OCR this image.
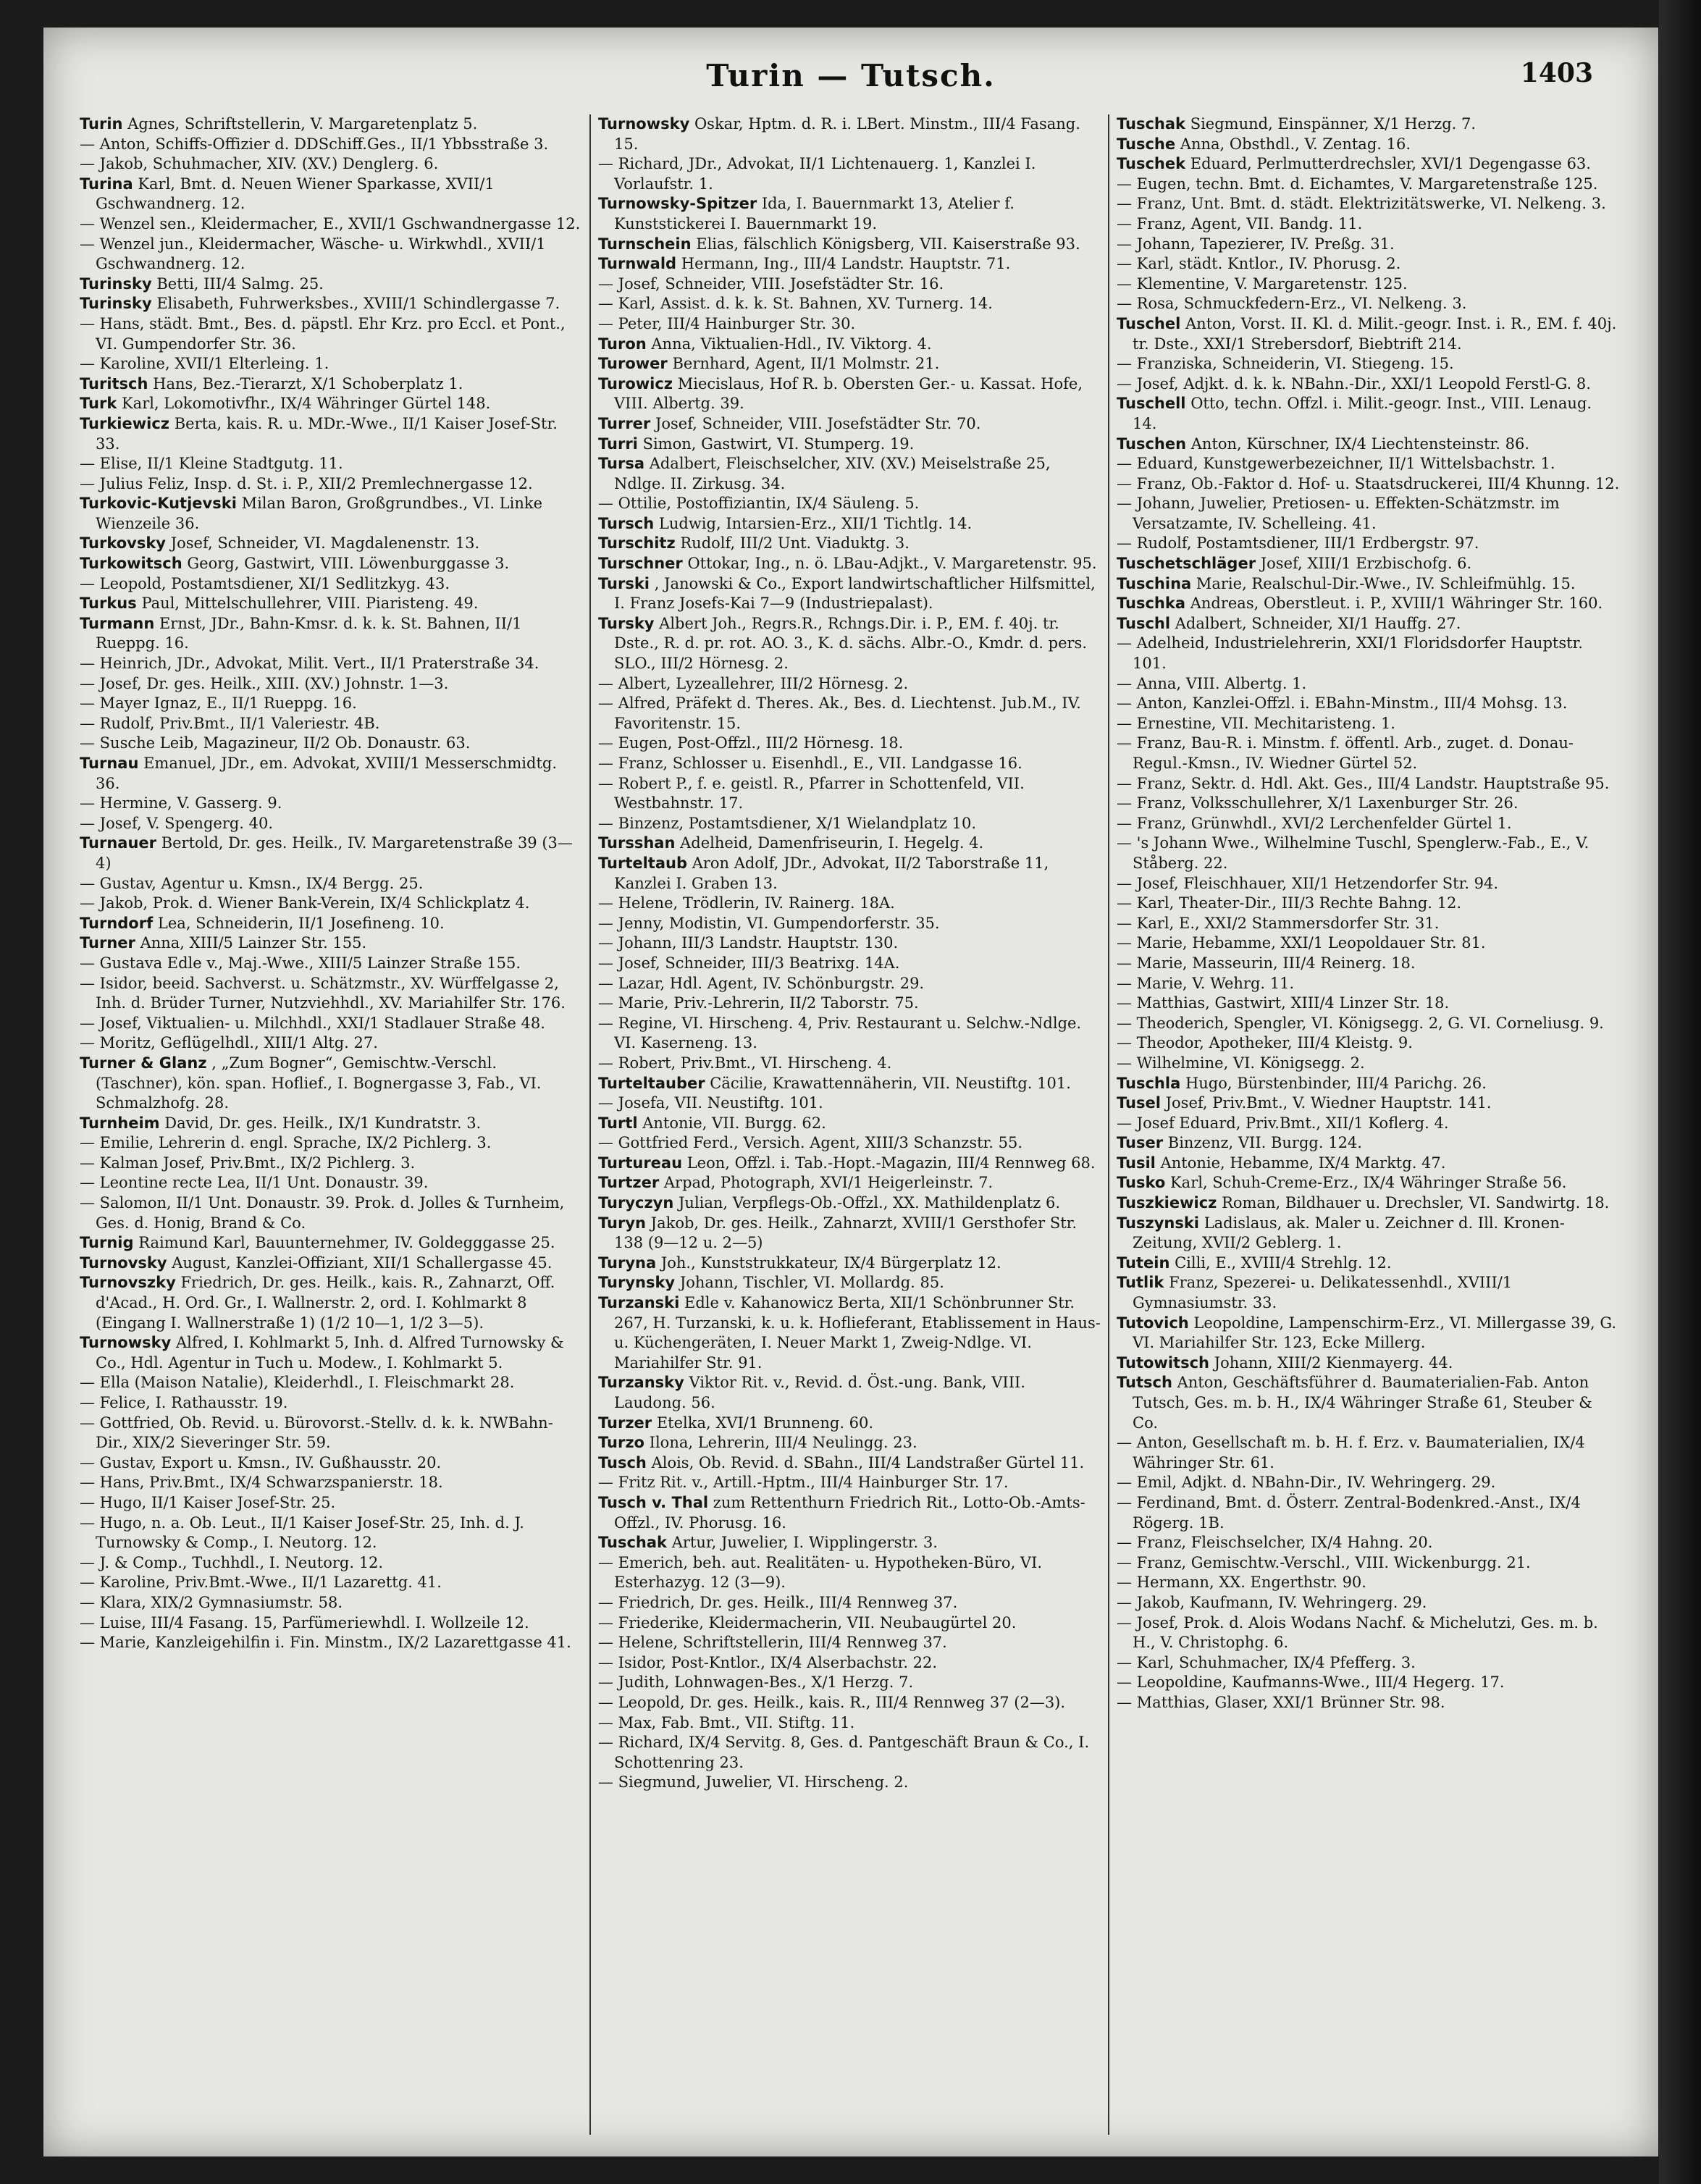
Turin — Tutsch.	1403
Turin Agnes, Schriftstellerin, V. Margaretenplatz 5.
— Anton, Schiffs-Offizier d. DDSchiff.Ges., II/1 Ybbsstraße 3.
— Jakob, Schuhmacher, XIV. (XV.) Denglerg. 6.
Turina Karl, Bmt. d. Neuen Wiener Sparkasse, XVII/1 Gschwandnerg. 12.
— Wenzel sen., Kleidermacher, E., XVII/1 Gschwandnergasse 12.
— Wenzel jun., Kleidermacher, Wäsche- u. Wirkwhdl., XVII/1 Gschwandnerg. 12.
Turinsky Betti, III/4 Salmg. 25.
Turinsky Elisabeth, Fuhrwerksbes., XVIII/1 Schindlergasse 7.
— Hans, städt. Bmt., Bes. d. päpstl. Ehr Krz. pro Eccl. et Pont., VI. Gumpendorfer Str. 36.
— Karoline, XVII/1 Elterleing. 1.
Turitsch Hans, Bez.-Tierarzt, X/1 Schoberplatz 1.
Turk Karl, Lokomotivfhr., IX/4 Währinger Gürtel 148.
Turkiewicz Berta, kais. R. u. MDr.-Wwe., II/1 Kaiser Josef-Str. 33.
— Elise, II/1 Kleine Stadtgutg. 11.
— Julius Feliz, Insp. d. St. i. P., XII/2 Premlechnergasse 12.
Turkovic-Kutjevski Milan Baron, Großgrundbes., VI. Linke Wienzeile 36.
Turkovsky Josef, Schneider, VI. Magdalenenstr. 13.
Turkowitsch Georg, Gastwirt, VIII. Löwenburggasse 3.
— Leopold, Postamtsdiener, XI/1 Sedlitzkyg. 43.
Turkus Paul, Mittelschullehrer, VIII. Piaristeng. 49.
Turmann Ernst, JDr., Bahn-Kmsr. d. k. k. St. Bahnen, II/1 Rueppg. 16.
— Heinrich, JDr., Advokat, Milit. Vert., II/1 Praterstraße 34.
— Josef, Dr. ges. Heilk., XIII. (XV.) Johnstr. 1—3.
— Mayer Ignaz, E., II/1 Rueppg. 16.
— Rudolf, Priv.Bmt., II/1 Valeriestr. 4B.
— Susche Leib, Magazineur, II/2 Ob. Donaustr. 63.
Turnau Emanuel, JDr., em. Advokat, XVIII/1 Messerschmidtg. 36.
— Hermine, V. Gasserg. 9.
— Josef, V. Spengerg. 40.
Turnauer Bertold, Dr. ges. Heilk., IV. Margaretenstraße 39 (3—4)
— Gustav, Agentur u. Kmsn., IX/4 Bergg. 25.
— Jakob, Prok. d. Wiener Bank-Verein, IX/4 Schlickplatz 4.
Turndorf Lea, Schneiderin, II/1 Josefineng. 10.
Turner Anna, XIII/5 Lainzer Str. 155.
— Gustava Edle v., Maj.-Wwe., XIII/5 Lainzer Straße 155.
— Isidor, beeid. Sachverst. u. Schätzmstr., XV. Würffelgasse 2, Inh. d. Brüder Turner, Nutzviehhdl., XV. Mariahilfer Str. 176.
— Josef, Viktualien- u. Milchhdl., XXI/1 Stadlauer Straße 48.
— Moritz, Geflügelhdl., XIII/1 Altg. 27.
Turner & Glanz , „Zum Bogner“, Gemischtw.-Verschl. (Taschner), kön. span. Hoflief., I. Bognergasse 3, Fab., VI. Schmalzhofg. 28.
Turnheim David, Dr. ges. Heilk., IX/1 Kundratstr. 3.
— Emilie, Lehrerin d. engl. Sprache, IX/2 Pichlerg. 3.
— Kalman Josef, Priv.Bmt., IX/2 Pichlerg. 3.
— Leontine recte Lea, II/1 Unt. Donaustr. 39.
— Salomon, II/1 Unt. Donaustr. 39. Prok. d. Jolles & Turnheim, Ges. d. Honig, Brand & Co.
Turnig Raimund Karl, Bauunternehmer, IV. Goldegggasse 25.
Turnovsky August, Kanzlei-Offiziant, XII/1 Schallergasse 45.
Turnovszky Friedrich, Dr. ges. Heilk., kais. R., Zahnarzt, Off. d'Acad., H. Ord. Gr., I. Wallnerstr. 2, ord. I. Kohlmarkt 8 (Eingang I. Wallnerstraße 1) (1/2 10—1, 1/2 3—5).
Turnowsky Alfred, I. Kohlmarkt 5, Inh. d. Alfred Turnowsky & Co., Hdl. Agentur in Tuch u. Modew., I. Kohlmarkt 5.
— Ella (Maison Natalie), Kleiderhdl., I. Fleischmarkt 28.
— Felice, I. Rathausstr. 19.
— Gottfried, Ob. Revid. u. Bürovorst.-Stellv. d. k. k. NWBahn-Dir., XIX/2 Sieveringer Str. 59.
— Gustav, Export u. Kmsn., IV. Gußhausstr. 20.
— Hans, Priv.Bmt., IX/4 Schwarzspanierstr. 18.
— Hugo, II/1 Kaiser Josef-Str. 25.
— Hugo, n. a. Ob. Leut., II/1 Kaiser Josef-Str. 25, Inh. d. J. Turnowsky & Comp., I. Neutorg. 12.
— J. & Comp., Tuchhdl., I. Neutorg. 12.
— Karoline, Priv.Bmt.-Wwe., II/1 Lazarettg. 41.
— Klara, XIX/2 Gymnasiumstr. 58.
— Luise, III/4 Fasang. 15, Parfümeriewhdl. I. Wollzeile 12.
— Marie, Kanzleigehilfin i. Fin. Minstm., IX/2 Lazarettgasse 41.
Turnowsky Oskar, Hptm. d. R. i. LBert. Minstm., III/4 Fasang. 15.
— Richard, JDr., Advokat, II/1 Lichtenauerg. 1, Kanzlei I. Vorlaufstr. 1.
Turnowsky-Spitzer Ida, I. Bauernmarkt 13, Atelier f. Kunststickerei I. Bauernmarkt 19.
Turnschein Elias, fälschlich Königsberg, VII. Kaiserstraße 93.
Turnwald Hermann, Ing., III/4 Landstr. Hauptstr. 71.
— Josef, Schneider, VIII. Josefstädter Str. 16.
— Karl, Assist. d. k. k. St. Bahnen, XV. Turnerg. 14.
— Peter, III/4 Hainburger Str. 30.
Turon Anna, Viktualien-Hdl., IV. Viktorg. 4.
Turower Bernhard, Agent, II/1 Molmstr. 21.
Turowicz Miecislaus, Hof R. b. Obersten Ger.- u. Kassat. Hofe, VIII. Albertg. 39.
Turrer Josef, Schneider, VIII. Josefstädter Str. 70.
Turri Simon, Gastwirt, VI. Stumperg. 19.
Tursa Adalbert, Fleischselcher, XIV. (XV.) Meiselstraße 25, Ndlge. II. Zirkusg. 34.
— Ottilie, Postoffiziantin, IX/4 Säuleng. 5.
Tursch Ludwig, Intarsien-Erz., XII/1 Tichtlg. 14.
Turschitz Rudolf, III/2 Unt. Viaduktg. 3.
Turschner Ottokar, Ing., n. ö. LBau-Adjkt., V. Margaretenstr. 95.
Turski , Janowski & Co., Export landwirtschaftlicher Hilfsmittel, I. Franz Josefs-Kai 7—9 (Industriepalast).
Tursky Albert Joh., Regrs.R., Rchngs.Dir. i. P., EM. f. 40j. tr. Dste., R. d. pr. rot. AO. 3., K. d. sächs. Albr.-O., Kmdr. d. pers. SLO., III/2 Hörnesg. 2.
— Albert, Lyzeallehrer, III/2 Hörnesg. 2.
— Alfred, Präfekt d. Theres. Ak., Bes. d. Liechtenst. Jub.M., IV. Favoritenstr. 15.
— Eugen, Post-Offzl., III/2 Hörnesg. 18.
— Franz, Schlosser u. Eisenhdl., E., VII. Landgasse 16.
— Robert P., f. e. geistl. R., Pfarrer in Schottenfeld, VII. Westbahnstr. 17.
— Binzenz, Postamtsdiener, X/1 Wielandplatz 10.
Tursshan Adelheid, Damenfriseurin, I. Hegelg. 4.
Turteltaub Aron Adolf, JDr., Advokat, II/2 Taborstraße 11, Kanzlei I. Graben 13.
— Helene, Trödlerin, IV. Rainerg. 18A.
— Jenny, Modistin, VI. Gumpendorferstr. 35.
— Johann, III/3 Landstr. Hauptstr. 130.
— Josef, Schneider, III/3 Beatrixg. 14A.
— Lazar, Hdl. Agent, IV. Schönburgstr. 29.
— Marie, Priv.-Lehrerin, II/2 Taborstr. 75.
— Regine, VI. Hirscheng. 4, Priv. Restaurant u. Selchw.-Ndlge. VI. Kaserneng. 13.
— Robert, Priv.Bmt., VI. Hirscheng. 4.
Turteltauber Cäcilie, Krawattennäherin, VII. Neustiftg. 101.
— Josefa, VII. Neustiftg. 101.
Turtl Antonie, VII. Burgg. 62.
— Gottfried Ferd., Versich. Agent, XIII/3 Schanzstr. 55.
Turtureau Leon, Offzl. i. Tab.-Hopt.-Magazin, III/4 Rennweg 68.
Turtzer Arpad, Photograph, XVI/1 Heigerleinstr. 7.
Turyczyn Julian, Verpflegs-Ob.-Offzl., XX. Mathildenplatz 6.
Turyn Jakob, Dr. ges. Heilk., Zahnarzt, XVIII/1 Gersthofer Str. 138 (9—12 u. 2—5)
Turyna Joh., Kunststrukkateur, IX/4 Bürgerplatz 12.
Turynsky Johann, Tischler, VI. Mollardg. 85.
Turzanski Edle v. Kahanowicz Berta, XII/1 Schönbrunner Str. 267, H. Turzanski, k. u. k. Hoflieferant, Etablissement in Haus- u. Küchengeräten, I. Neuer Markt 1, Zweig-Ndlge. VI. Mariahilfer Str. 91.
Turzansky Viktor Rit. v., Revid. d. Öst.-ung. Bank, VIII. Laudong. 56.
Turzer Etelka, XVI/1 Brunneng. 60.
Turzo Ilona, Lehrerin, III/4 Neulingg. 23.
Tusch Alois, Ob. Revid. d. SBahn., III/4 Landstraßer Gürtel 11.
— Fritz Rit. v., Artill.-Hptm., III/4 Hainburger Str. 17.
Tusch v. Thal zum Rettenthurn Friedrich Rit., Lotto-Ob.-Amts-Offzl., IV. Phorusg. 16.
Tuschak Artur, Juwelier, I. Wipplingerstr. 3.
— Emerich, beh. aut. Realitäten- u. Hypotheken-Büro, VI. Esterhazyg. 12 (3—9).
— Friedrich, Dr. ges. Heilk., III/4 Rennweg 37.
— Friederike, Kleidermacherin, VII. Neubaugürtel 20.
— Helene, Schriftstellerin, III/4 Rennweg 37.
— Isidor, Post-Kntlor., IX/4 Alserbachstr. 22.
— Judith, Lohnwagen-Bes., X/1 Herzg. 7.
— Leopold, Dr. ges. Heilk., kais. R., III/4 Rennweg 37 (2—3).
— Max, Fab. Bmt., VII. Stiftg. 11.
— Richard, IX/4 Servitg. 8, Ges. d. Pantgeschäft Braun & Co., I. Schottenring 23.
— Siegmund, Juwelier, VI. Hirscheng. 2.
Tuschak Siegmund, Einspänner, X/1 Herzg. 7.
Tusche Anna, Obsthdl., V. Zentag. 16.
Tuschek Eduard, Perlmutterdrechsler, XVI/1 Degengasse 63.
— Eugen, techn. Bmt. d. Eichamtes, V. Margaretenstraße 125.
— Franz, Unt. Bmt. d. städt. Elektrizitätswerke, VI. Nelkeng. 3.
— Franz, Agent, VII. Bandg. 11.
— Johann, Tapezierer, IV. Preßg. 31.
— Karl, städt. Kntlor., IV. Phorusg. 2.
— Klementine, V. Margaretenstr. 125.
— Rosa, Schmuckfedern-Erz., VI. Nelkeng. 3.
Tuschel Anton, Vorst. II. Kl. d. Milit.-geogr. Inst. i. R., EM. f. 40j. tr. Dste., XXI/1 Strebersdorf, Biebtrift 214.
— Franziska, Schneiderin, VI. Stiegeng. 15.
— Josef, Adjkt. d. k. k. NBahn.-Dir., XXI/1 Leopold Ferstl-G. 8.
Tuschell Otto, techn. Offzl. i. Milit.-geogr. Inst., VIII. Lenaug. 14.
Tuschen Anton, Kürschner, IX/4 Liechtensteinstr. 86.
— Eduard, Kunstgewerbezeichner, II/1 Wittelsbachstr. 1.
— Franz, Ob.-Faktor d. Hof- u. Staatsdruckerei, III/4 Khunng. 12.
— Johann, Juwelier, Pretiosen- u. Effekten-Schätzmstr. im Versatzamte, IV. Schelleing. 41.
— Rudolf, Postamtsdiener, III/1 Erdbergstr. 97.
Tuschetschläger Josef, XIII/1 Erzbischofg. 6.
Tuschina Marie, Realschul-Dir.-Wwe., IV. Schleifmühlg. 15.
Tuschka Andreas, Oberstleut. i. P., XVIII/1 Währinger Str. 160.
Tuschl Adalbert, Schneider, XI/1 Hauffg. 27.
— Adelheid, Industrielehrerin, XXI/1 Floridsdorfer Hauptstr. 101.
— Anna, VIII. Albertg. 1.
— Anton, Kanzlei-Offzl. i. EBahn-Minstm., III/4 Mohsg. 13.
— Ernestine, VII. Mechitaristeng. 1.
— Franz, Bau-R. i. Minstm. f. öffentl. Arb., zuget. d. Donau-Regul.-Kmsn., IV. Wiedner Gürtel 52.
— Franz, Sektr. d. Hdl. Akt. Ges., III/4 Landstr. Hauptstraße 95.
— Franz, Volksschullehrer, X/1 Laxenburger Str. 26.
— Franz, Grünwhdl., XVI/2 Lerchenfelder Gürtel 1.
— 's Johann Wwe., Wilhelmine Tuschl, Spenglerw.-Fab., E., V. Ståberg. 22.
— Josef, Fleischhauer, XII/1 Hetzendorfer Str. 94.
— Karl, Theater-Dir., III/3 Rechte Bahng. 12.
— Karl, E., XXI/2 Stammersdorfer Str. 31.
— Marie, Hebamme, XXI/1 Leopoldauer Str. 81.
— Marie, Masseurin, III/4 Reinerg. 18.
— Marie, V. Wehrg. 11.
— Matthias, Gastwirt, XIII/4 Linzer Str. 18.
— Theoderich, Spengler, VI. Königsegg. 2, G. VI. Corneliusg. 9.
— Theodor, Apotheker, III/4 Kleistg. 9.
— Wilhelmine, VI. Königsegg. 2.
Tuschla Hugo, Bürstenbinder, III/4 Parichg. 26.
Tusel Josef, Priv.Bmt., V. Wiedner Hauptstr. 141.
— Josef Eduard, Priv.Bmt., XII/1 Koflerg. 4.
Tuser Binzenz, VII. Burgg. 124.
Tusil Antonie, Hebamme, IX/4 Marktg. 47.
Tusko Karl, Schuh-Creme-Erz., IX/4 Währinger Straße 56.
Tuszkiewicz Roman, Bildhauer u. Drechsler, VI. Sandwirtg. 18.
Tuszynski Ladislaus, ak. Maler u. Zeichner d. Ill. Kronen-Zeitung, XVII/2 Geblerg. 1.
Tutein Cilli, E., XVIII/4 Strehlg. 12.
Tutlik Franz, Spezerei- u. Delikatessenhdl., XVIII/1 Gymnasiumstr. 33.
Tutovich Leopoldine, Lampenschirm-Erz., VI. Millergasse 39, G. VI. Mariahilfer Str. 123, Ecke Millerg.
Tutowitsch Johann, XIII/2 Kienmayerg. 44.
Tutsch Anton, Geschäftsführer d. Baumaterialien-Fab. Anton Tutsch, Ges. m. b. H., IX/4 Währinger Straße 61, Steuber & Co.
— Anton, Gesellschaft m. b. H. f. Erz. v. Baumaterialien, IX/4 Währinger Str. 61.
— Emil, Adjkt. d. NBahn-Dir., IV. Wehringerg. 29.
— Ferdinand, Bmt. d. Österr. Zentral-Bodenkred.-Anst., IX/4 Rögerg. 1B.
— Franz, Fleischselcher, IX/4 Hahng. 20.
— Franz, Gemischtw.-Verschl., VIII. Wickenburgg. 21.
— Hermann, XX. Engerthstr. 90.
— Jakob, Kaufmann, IV. Wehringerg. 29.
— Josef, Prok. d. Alois Wodans Nachf. & Michelutzi, Ges. m. b. H., V. Christophg. 6.
— Karl, Schuhmacher, IX/4 Pfefferg. 3.
— Leopoldine, Kaufmanns-Wwe., III/4 Hegerg. 17.
— Matthias, Glaser, XXI/1 Brünner Str. 98.
